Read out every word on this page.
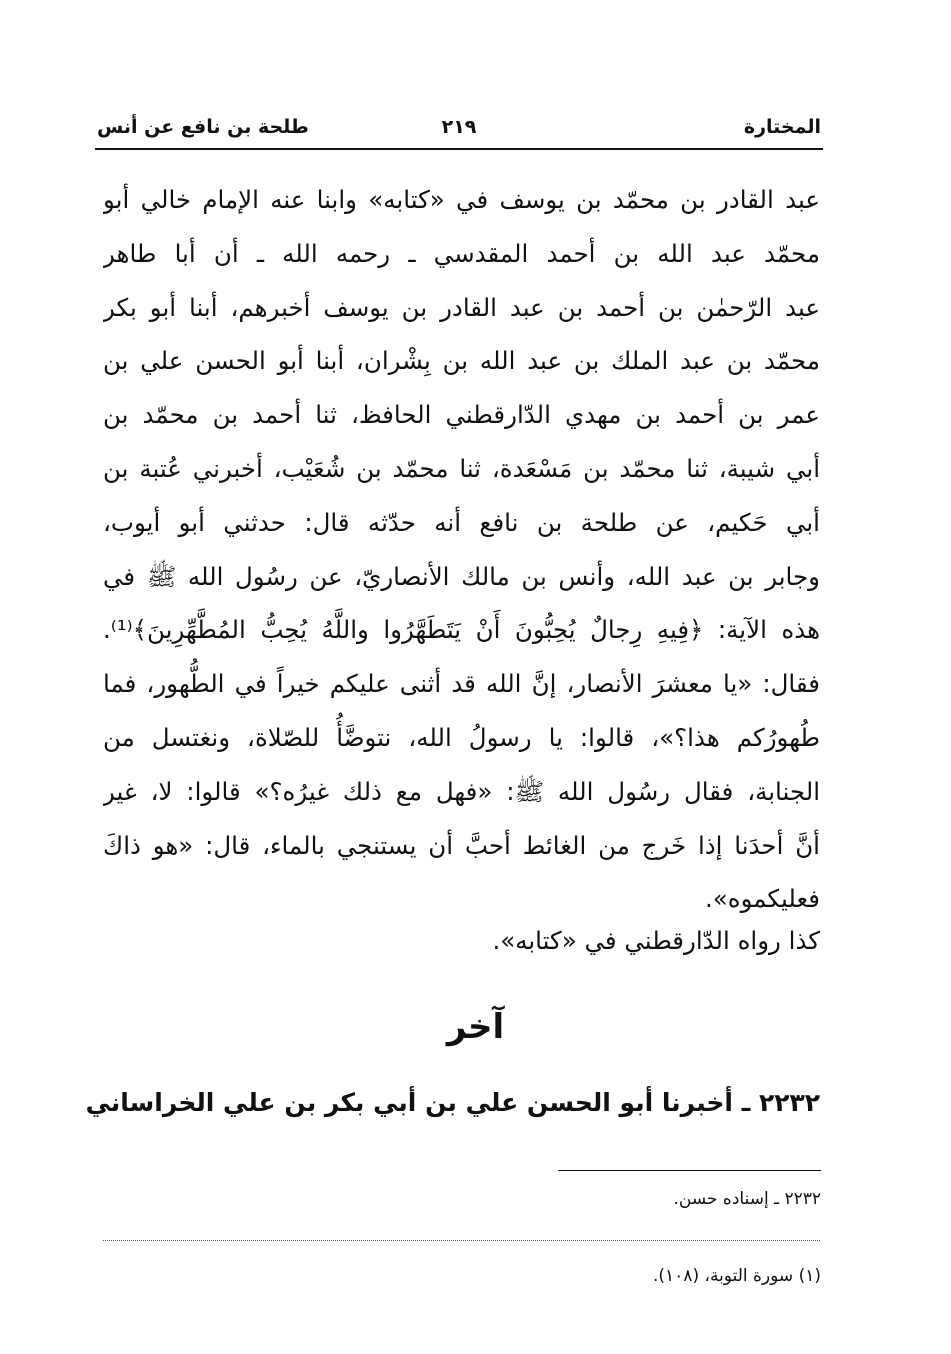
المختارة
٢١٩
طلحة بن نافع عن أنس
عبد القادر بن محمّد بن يوسف في «كتابه» وابنا عنه الإمام خالي أبو
محمّد عبد الله بن أحمد المقدسي ـ رحمه الله ـ أن أبا طاهر
عبد الرّحمٰن بن أحمد بن عبد القادر بن يوسف أخبرهم، أبنا أبو بكر
محمّد بن عبد الملك بن عبد الله بن بِشْران، أبنا أبو الحسن علي بن
عمر بن أحمد بن مهدي الدّارقطني الحافظ، ثنا أحمد بن محمّد بن
أبي شيبة، ثنا محمّد بن مَسْعَدة، ثنا محمّد بن شُعَيْب، أخبرني عُتبة بن
أبي حَكيم، عن طلحة بن نافع أنه حدّثه قال: حدثني أبو أيوب،
وجابر بن عبد الله، وأنس بن مالك الأنصاريّ، عن رسُول الله ﷺ في
هذه الآية: ﴿فِيهِ رِجالٌ يُحِبُّونَ أَنْ يَتَطَهَّرُوا واللَّهُ يُحِبُّ المُطَّهِّرِينَ﴾⁽¹⁾.
فقال: «يا معشرَ الأنصار، إنَّ الله قد أثنى عليكم خيراً في الطُّهور، فما
طُهورُكم هذا؟»، قالوا: يا رسولُ الله، نتوضَّأُ للصّلاة، ونغتسل من
الجنابة، فقال رسُول الله ﷺ: «فهل مع ذلك غيرُه؟» قالوا: لا، غير
أنَّ أحدَنا إذا خَرج من الغائط أحبَّ أن يستنجي بالماء، قال: «هو ذاكَ
فعليكموه».
كذا رواه الدّارقطني في «كتابه».
آخر
٢٢٣٢ ـ أخبرنا أبو الحسن علي بن أبي بكر بن علي الخراساني
٢٢٣٢ ـ إسناده حسن.
(١) سورة التوبة، (١٠٨).
